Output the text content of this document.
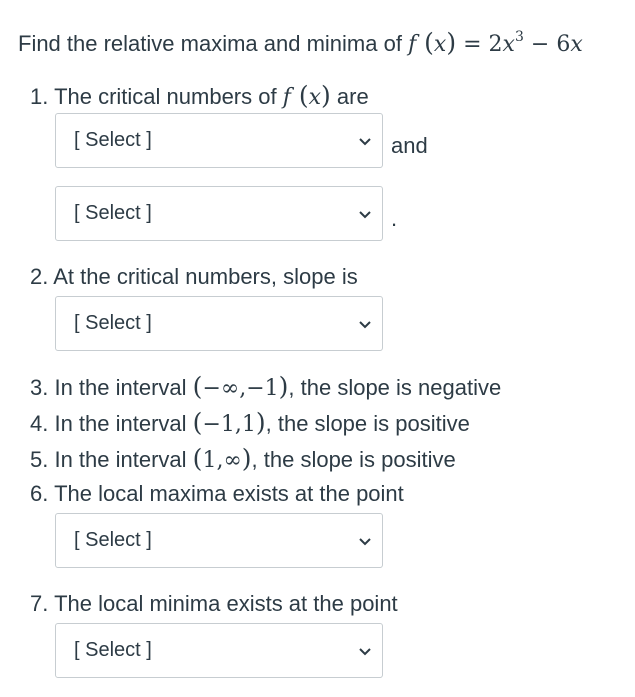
Find the relative maxima and minima of f $(x) = 2x^3 - 6x$
1. The critical numbers of f (x) are
[ Select ]	and
[ Select ]	.
2. At the critical numbers, slope is
[ Select ]
3. In the interval (−∞,−1), the slope is negative
4. In the interval (−1,1), the slope is positive
5. In the interval (1,∞), the slope is positive
6. The local maxima exists at the point
[ Select ]
7. The local minima exists at the point
[ Select ]
